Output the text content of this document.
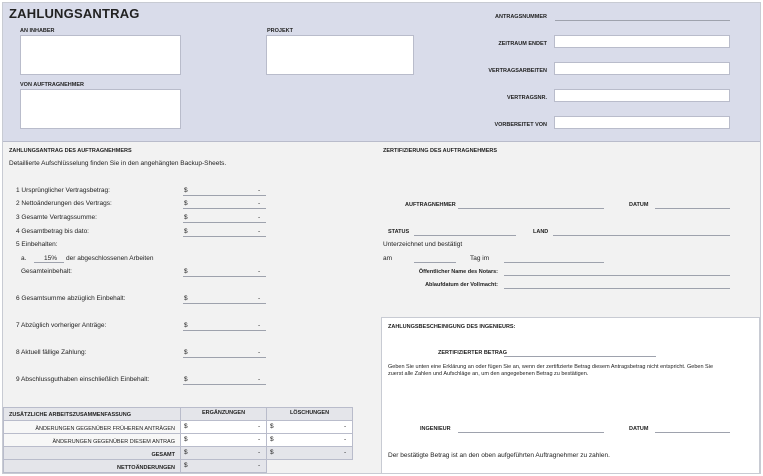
ZAHLUNGSANTRAG
AN INHABER	PROJEKT
VON AUFTRAGNEHMER
ANTRAGSNUMMER
ZEITRAUM ENDET
VERTRAGSARBEITEN
VERTRAGSNR.
VORBEREITET VON
ZAHLUNGSANTRAG DES AUFTRAGNEHMERS
Detaillierte Aufschlüsselung finden Sie in den angehängten Backup-Sheets.
1 Ursprünglicher Vertragsbetrag:	$	-
2 Nettoänderungen des Vertrags:	$	-
3 Gesamte Vertragssumme:	$	-
4 Gesamtbetrag bis dato:	$	-
5 Einbehalten:
a.	15% der abgeschlossenen Arbeiten
Gesamteinbehalt:	$	-
6 Gesamtsumme abzüglich Einbehalt:	$	-
7 Abzüglich vorheriger Anträge:	$	-
8 Aktuell fällige Zahlung:	$	-
9 Abschlussguthaben einschließlich Einbehalt:	$	-
ZUSÄTZLICHE ARBEITSZUSAMMENFASSUNG	ERGÄNZUNGEN	LÖSCHUNGEN
ÄNDERUNGEN GEGENÜBER FRÜHEREN ANTRÄGEN $	- $	-
ÄNDERUNGEN GEGENÜBER DIESEM ANTRAG $	- $	-
GESAMT $	- $	-
NETTOÄNDERUNGEN $	-
ZERTIFIZIERUNG DES AUFTRAGNEHMERS
AUFTRAGNEHMER	DATUM
STATUS	LAND
Unterzeichnet und bestätigt
am	Tag im
Öffentlicher Name des Notars:
Ablaufdatum der Vollmacht:
ZAHLUNGSBESCHEINIGUNG DES INGENIEURS:
ZERTIFIZIERTER BETRAG
Geben Sie unten eine Erklärung an oder fügen Sie an, wenn der zertifizierte Betrag diesem Antragsbetrag nicht entspricht. Geben Sie zuerst alle Zahlen und Aufschläge an, um den angegebenen Betrag zu bestätigen.
INGENIEUR	DATUM
Der bestätigte Betrag ist an den oben aufgeführten Auftragnehmer zu zahlen.
